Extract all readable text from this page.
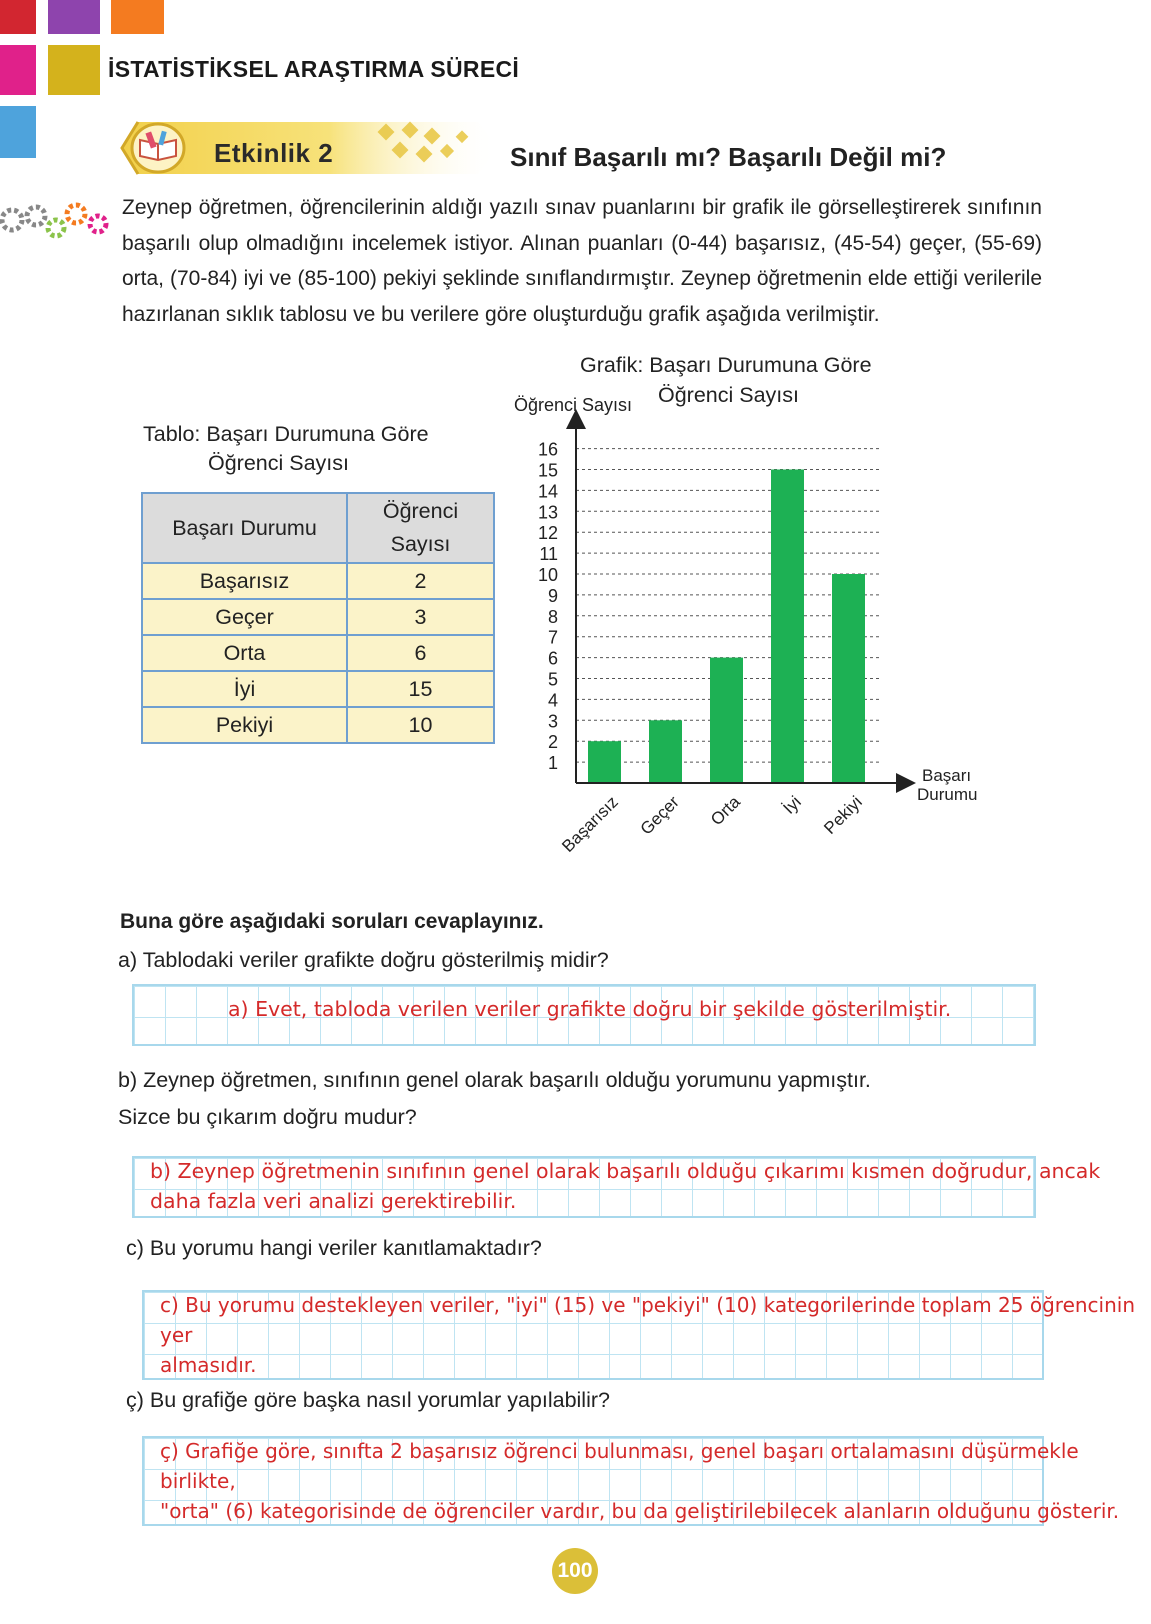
İSTATİSTİKSEL ARAŞTIRMA SÜRECİ
Etkinlik 2	Sınıf Başarılı mı? Başarılı Değil mi?

Zeynep öğretmen, öğrencilerinin aldığı yazılı sınav puanlarını bir grafik ile görselleştirerek sınıfının başarılı olup olmadığını incelemek istiyor. Alınan puanları (0-44) başarısız, (45-54) geçer, (55-69) orta, (70-84) iyi ve (85-100) pekiyi şeklinde sınıflandırmıştır. Zeynep öğretmenin elde ettiği verilerile hazırlanan sıklık tablosu ve bu verilere göre oluşturduğu grafik aşağıda verilmiştir.

Tablo: Başarı Durumuna Göre
Öğrenci Sayısı
Başarı Durumu	Öğrenci
Sayısı
Başarısız	2
Geçer	3
Orta	6
İyi	15
Pekiyi	10
Grafik: Başarı Durumuna Göre
Öğrenci Sayısı
Öğrenci Sayısı
Başarı
Durumu
1
2
3
4
5
6
7
8
9
10
11
12
13
14
15
16
Başarısız Geçer Orta İyi Pekiyi
Buna göre aşağıdaki soruları cevaplayınız.
a) Tablodaki veriler grafikte doğru gösterilmiş midir?
a) Evet, tabloda verilen veriler grafikte doğru bir şekilde gösterilmiştir.
b) Zeynep öğretmen, sınıfının genel olarak başarılı olduğu yorumunu yapmıştır.
Sizce bu çıkarım doğru mudur?
b) Zeynep öğretmenin sınıfının genel olarak başarılı olduğu çıkarımı kısmen doğrudur, ancak
daha fazla veri analizi gerektirebilir.
c) Bu yorumu hangi veriler kanıtlamaktadır?
c) Bu yorumu destekleyen veriler, "iyi" (15) ve "pekiyi" (10) kategorilerinde toplam 25 öğrencinin yer
almasıdır.
ç) Bu grafiğe göre başka nasıl yorumlar yapılabilir?
ç) Grafiğe göre, sınıfta 2 başarısız öğrenci bulunması, genel başarı ortalamasını düşürmekle birlikte,
"orta" (6) kategorisinde de öğrenciler vardır, bu da geliştirilebilecek alanların olduğunu gösterir.
100
